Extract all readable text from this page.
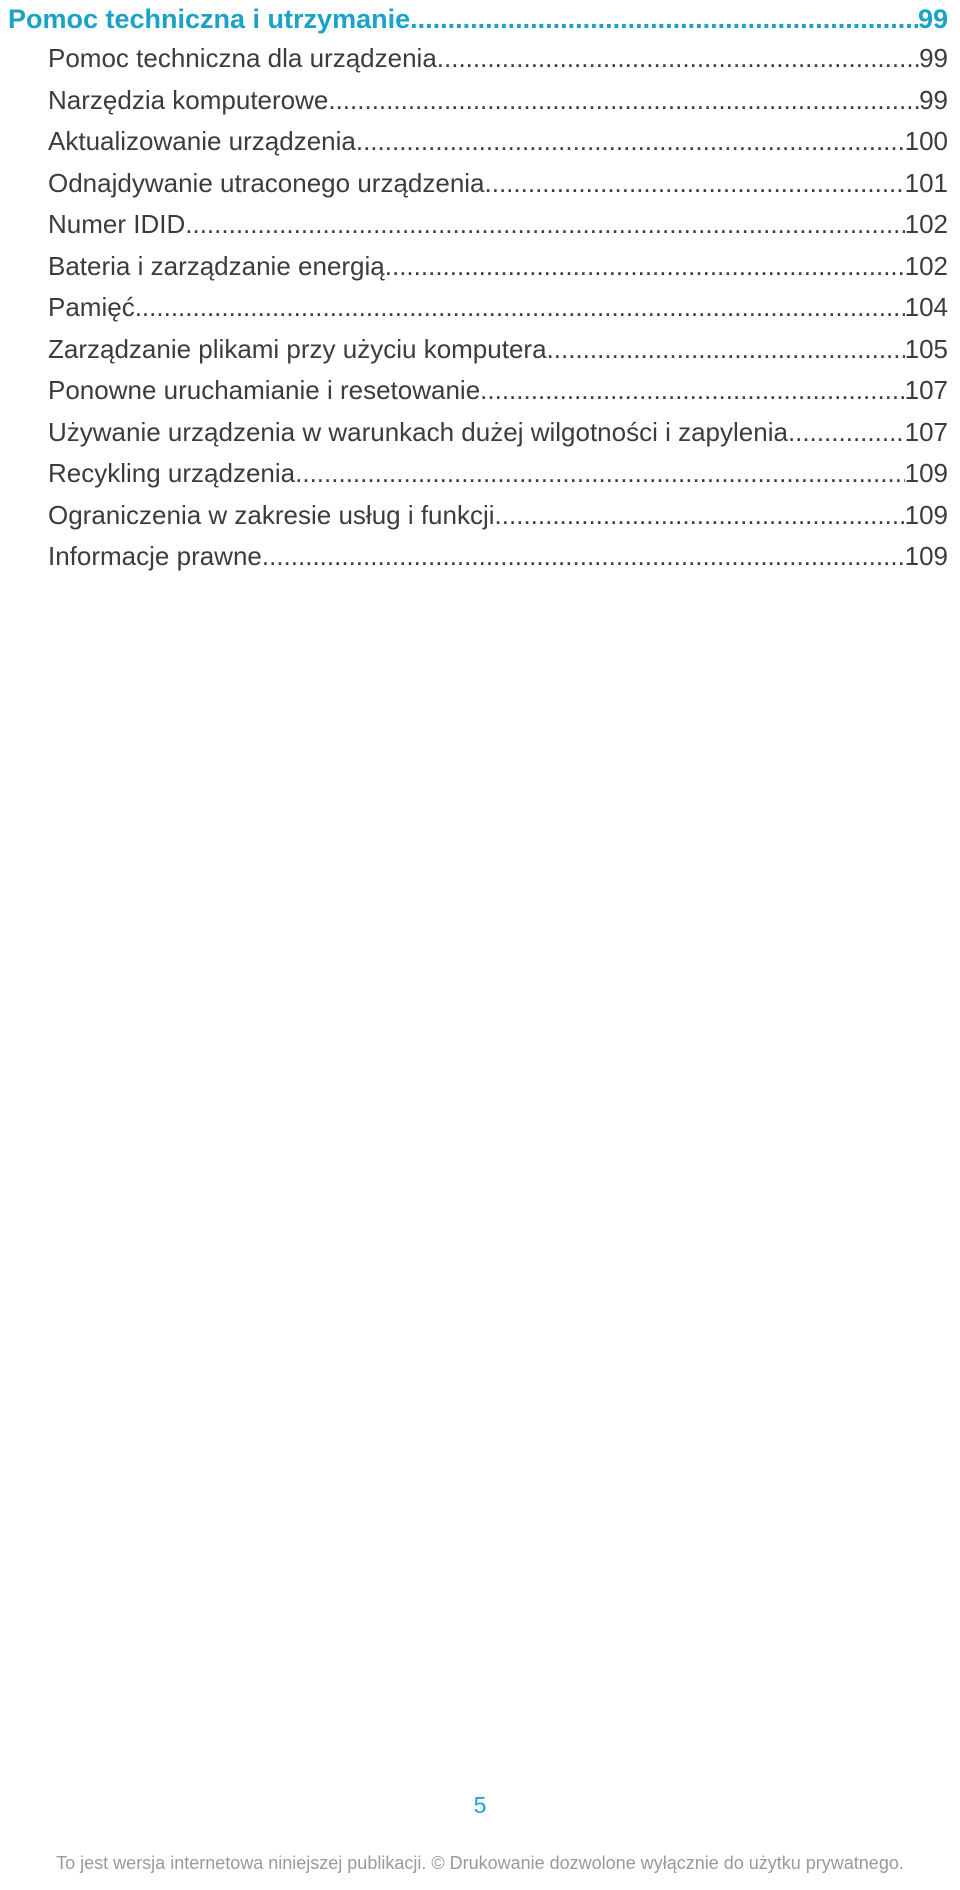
Pomoc techniczna i utrzymanie .....	99
Pomoc techniczna dla urządzenia .....	99
Narzędzia komputerowe .....	99
Aktualizowanie urządzenia .....	100
Odnajdywanie utraconego urządzenia .....	101
Numer IDID .....	102
Bateria i zarządzanie energią .....	102
Pamięć .....	104
Zarządzanie plikami przy użyciu komputera .....	105
Ponowne uruchamianie i resetowanie .....	107
Używanie urządzenia w warunkach dużej wilgotności i zapylenia .....	107
Recykling urządzenia .....	109
Ograniczenia w zakresie usług i funkcji .....	109
Informacje prawne .....	109
5
To jest wersja internetowa niniejszej publikacji. © Drukowanie dozwolone wyłącznie do użytku prywatnego.
